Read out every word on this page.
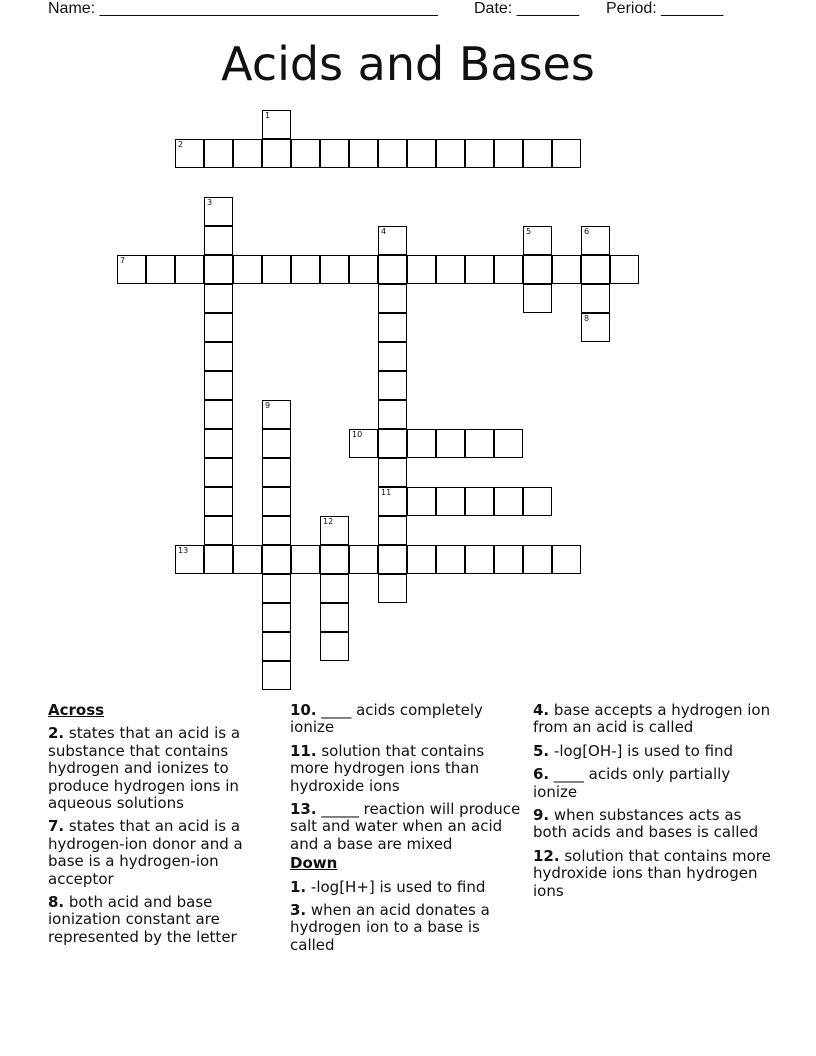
Name: ______________________________________ Date: _______ Period: _______
Acids and Bases
1
2
3
4	5	6
7
8
9
10
11
12
13
Across
2. states that an acid is a substance that contains hydrogen and ionizes to produce hydrogen ions in aqueous solutions
7. states that an acid is a hydrogen-ion donor and a base is a hydrogen-ion acceptor
8. both acid and base ionization constant are represented by the letter
10. ____ acids completely ionize
11. solution that contains more hydrogen ions than hydroxide ions
13. _____ reaction will produce salt and water when an acid and a base are mixed
Down
1. -log[H+] is used to find
3. when an acid donates a hydrogen ion to a base is called
4. base accepts a hydrogen ion from an acid is called
5. -log[OH-] is used to find
6. ____ acids only partially ionize
9. when substances acts as both acids and bases is called
12. solution that contains more hydroxide ions than hydrogen ions
